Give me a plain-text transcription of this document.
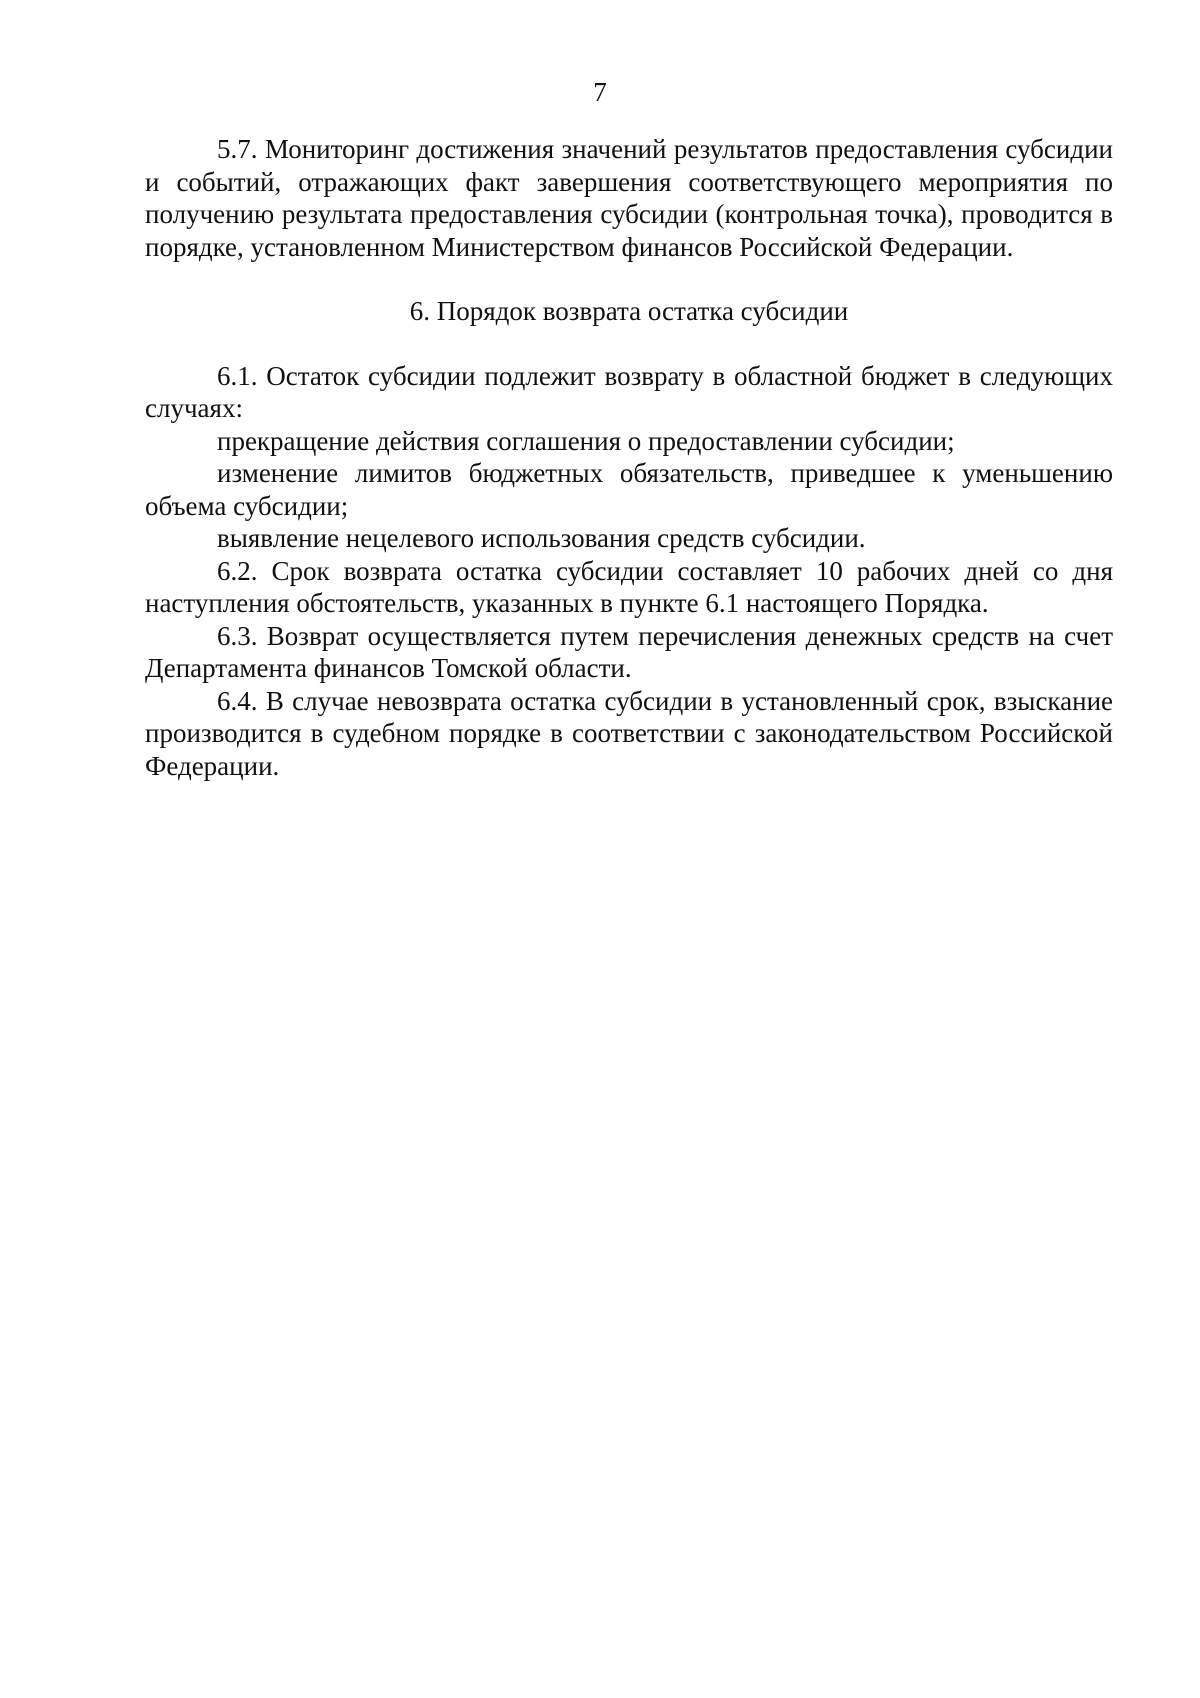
7

5.7. Мониторинг достижения значений результатов предоставления субсидии и событий, отражающих факт завершения соответствующего мероприятия по получению результата предоставления субсидии (контрольная точка), проводится в порядке, установленном Министерством финансов Российской Федерации.

6. Порядок возврата остатка субсидии

6.1. Остаток субсидии подлежит возврату в областной бюджет в следующих случаях:

прекращение действия соглашения о предоставлении субсидии;

изменение лимитов бюджетных обязательств, приведшее к уменьшению объема субсидии;

выявление нецелевого использования средств субсидии.

6.2. Срок возврата остатка субсидии составляет 10 рабочих дней со дня наступления обстоятельств, указанных в пункте 6.1 настоящего Порядка.

6.3. Возврат осуществляется путем перечисления денежных средств на счет Департамента финансов Томской области.

6.4. В случае невозврата остатка субсидии в установленный срок, взыскание производится в судебном порядке в соответствии с законодательством Российской Федерации.
